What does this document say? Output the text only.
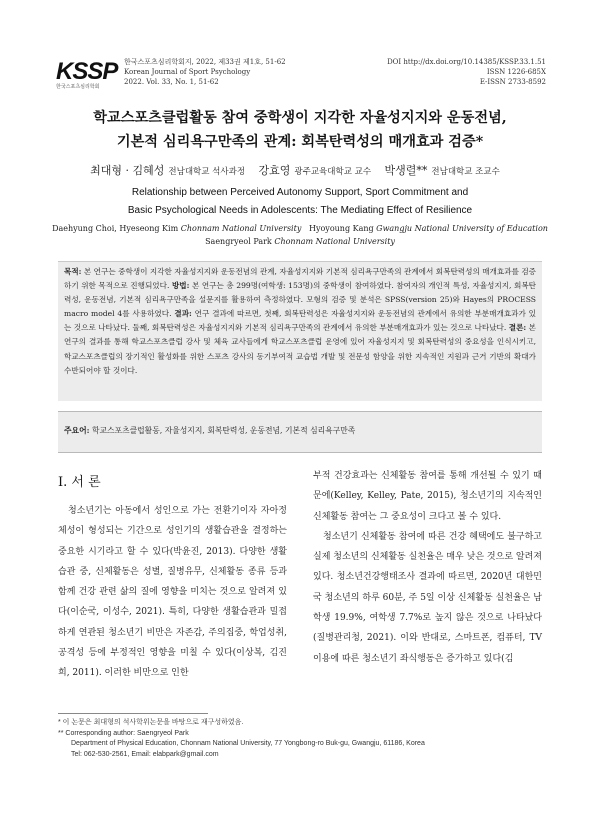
KSSP
한국스포츠심리학회
한국스포츠심리학회지, 2022, 제33권 제1호, 51-62
Korean Journal of Sport Psychology
2022. Vol. 33, No. 1, 51-62
DOI http://dx.doi.org/10.14385/KSSP.33.1.51
ISSN 1226-685X
E-ISSN 2733-8592
학교스포츠클럽활동 참여 중학생이 지각한 자율성지지와 운동전념,
기본적 심리욕구만족의 관계: 회복탄력성의 매개효과 검증*
최대형 · 김혜성 전남대학교 석사과정 강효영 광주교육대학교 교수 박생렬** 전남대학교 조교수
Relationship between Perceived Autonomy Support, Sport Commitment and
Basic Psychological Needs in Adolescents: The Mediating Effect of Resilience
Daehyung Choi, Hyeseong Kim Chonnam National University Hyoyoung Kang Gwangju National University of Education
Saengryeol Park Chonnam National University
목적: 본 연구는 중학생이 지각한 자율성지지와 운동전념의 관계, 자율성지지와 기본적 심리욕구만족의 관계에서 회복탄력성의 매개효과를 검증하기 위한 목적으로 진행되었다. 방법: 본 연구는 총 299명(여학생: 153명)의 중학생이 참여하였다. 참여자의 개인적 특성, 자율성지지, 회복탄력성, 운동전념, 기본적 심리욕구만족을 설문지를 활용하여 측정하였다. 모형의 검증 및 분석은 SPSS(version 25)와 Hayes의 PROCESS macro model 4를 사용하였다. 결과: 연구 결과에 따르면, 첫째, 회복탄력성은 자율성지지와 운동전념의 관계에서 유의한 부분매개효과가 있는 것으로 나타났다. 둘째, 회복탄력성은 자율성지지와 기본적 심리욕구만족의 관계에서 유의한 부분매개효과가 있는 것으로 나타났다. 결론: 본 연구의 결과를 통해 학교스포츠클럽 강사 및 체육 교사들에게 학교스포츠클럽 운영에 있어 자율성지지 및 회복탄력성의 중요성을 인식시키고, 학교스포츠클럽의 장기적인 활성화를 위한 스포츠 강사의 동기부여적 교습법 개발 및 전문성 함양을 위한 지속적인 지원과 근거 기반의 확대가 수반되어야 할 것이다.
주요어: 학교스포츠클럽활동, 자율성지지, 회복탄력성, 운동전념, 기본적 심리욕구만족
I. 서 론
청소년기는 아동에서 성인으로 가는 전환기이자 자아정체성이 형성되는 기간으로 성인기의 생활습관을 결정하는 중요한 시기라고 할 수 있다(박윤진, 2013). 다양한 생활습관 중, 신체활동은 성별, 질병유무, 신체활동 종류 등과 함께 건강 관련 삶의 질에 영향을 미치는 것으로 알려져 있다(이순국, 이성수, 2021). 특히, 다양한 생활습관과 밀접하게 연관된 청소년기 비만은 자존감, 주의집중, 학업성취, 공격성 등에 부정적인 영향을 미칠 수 있다(이상복, 김진희, 2011). 이러한 비만으로 인한
부적 건강효과는 신체활동 참여를 통해 개선될 수 있기 때문에(Kelley, Kelley, Pate, 2015), 청소년기의 지속적인 신체활동 참여는 그 중요성이 크다고 볼 수 있다.
청소년기 신체활동 참여에 따른 건강 혜택에도 불구하고 실제 청소년의 신체활동 실천율은 매우 낮은 것으로 알려져 있다. 청소년건강행태조사 결과에 따르면, 2020년 대한민국 청소년의 하루 60분, 주 5일 이상 신체활동 실천율은 남학생 19.9%, 여학생 7.7%로 높지 않은 것으로 나타났다(질병관리청, 2021). 이와 반대로, 스마트폰, 컴퓨터, TV 이용에 따른 청소년기 좌식행동은 증가하고 있다(김
* 이 논문은 최대형의 석사학위논문을 바탕으로 재구성하였음.
** Corresponding author: Saengryeol Park
Department of Physical Education, Chonnam National University, 77 Yongbong-ro Buk-gu, Gwangju, 61186, Korea
Tel: 062-530-2561, Email: elabpark@gmail.com
